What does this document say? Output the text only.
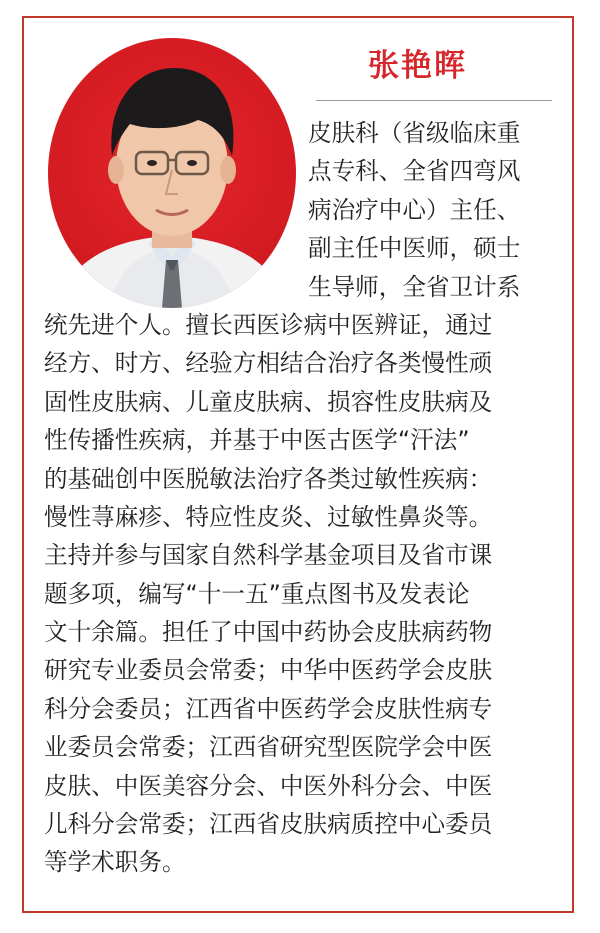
张艳晖
皮肤科（省级临床重
点专科、全省四弯风
病治疗中心）主任、
副主任中医师，硕士
生导师，全省卫计系
统先进个人。擅长西医诊病中医辨证，通过
经方、时方、经验方相结合治疗各类慢性顽
固性皮肤病、儿童皮肤病、损容性皮肤病及
性传播性疾病，并基于中医古医学“汗法”
的基础创中医脱敏法治疗各类过敏性疾病：
慢性荨麻疹、特应性皮炎、过敏性鼻炎等。
主持并参与国家自然科学基金项目及省市课
题多项，编写“十一五”重点图书及发表论
文十余篇。担任了中国中药协会皮肤病药物
研究专业委员会常委；中华中医药学会皮肤
科分会委员；江西省中医药学会皮肤性病专
业委员会常委；江西省研究型医院学会中医
皮肤、中医美容分会、中医外科分会、中医
儿科分会常委；江西省皮肤病质控中心委员
等学术职务。
